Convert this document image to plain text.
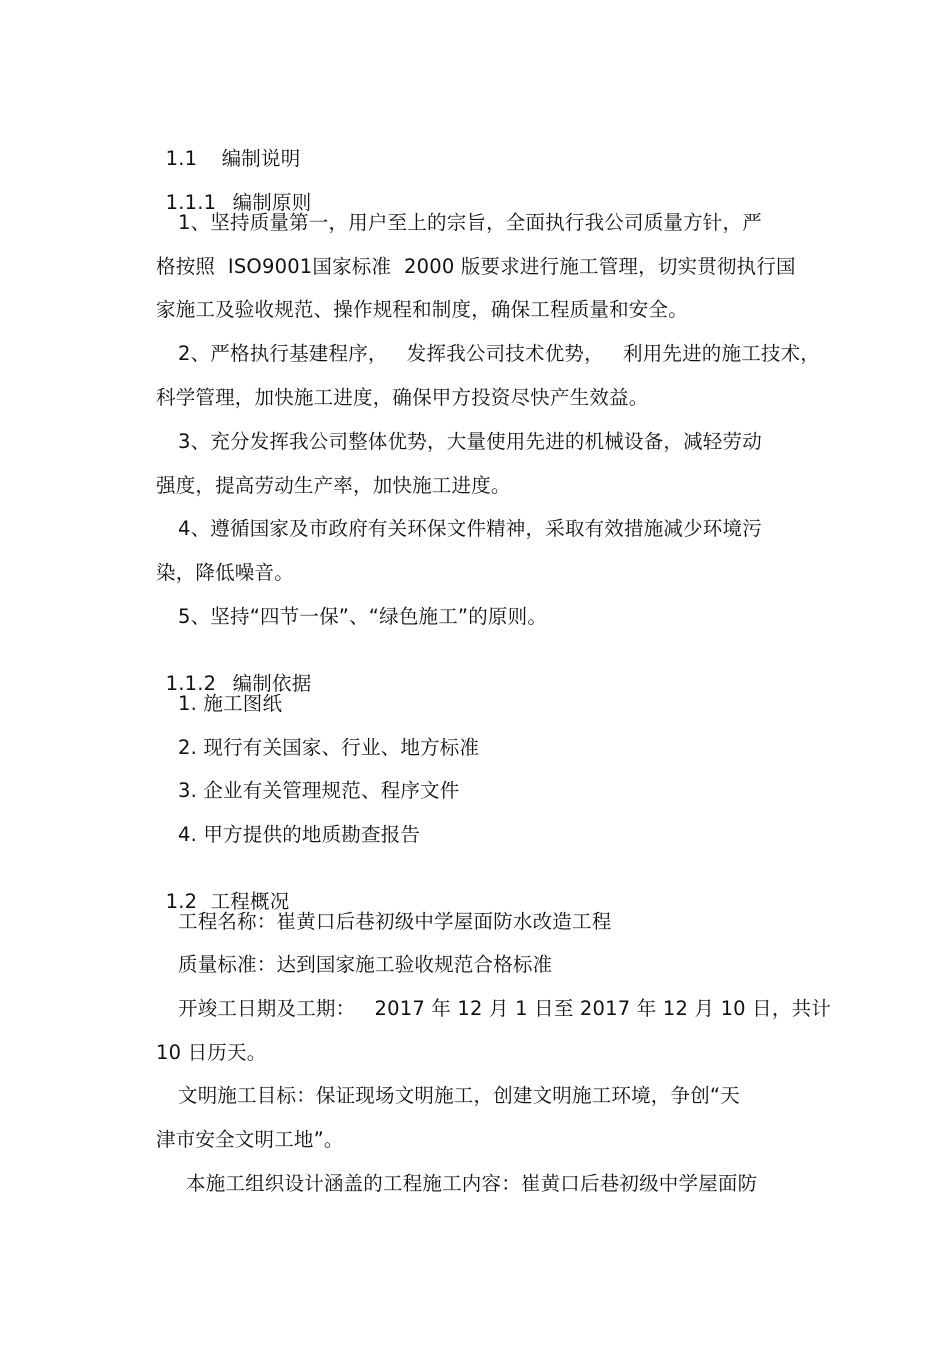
1.1 编制说明

1.1.1 编制原则

1、坚持质量第一，用户至上的宗旨，全面执行我公司质量方针，严
格按照  ISO9001国家标准  2000 版要求进行施工管理，切实贯彻执行国
家施工及验收规范、操作规程和制度，确保工程质量和安全。
2、严格执行基建程序，   发挥我公司技术优势，   利用先进的施工技术，
科学管理，加快施工进度，确保甲方投资尽快产生效益。
3、充分发挥我公司整体优势，大量使用先进的机械设备，减轻劳动
强度，提高劳动生产率，加快施工进度。
4、遵循国家及市政府有关环保文件精神，采取有效措施减少环境污
染，降低噪音。
5、坚持“四节一保”、“绿色施工”的原则。

1.1.2 编制依据

1. 施工图纸
2. 现行有关国家、行业、地方标准
3. 企业有关管理规范、程序文件
4. 甲方提供的地质勘查报告

1.2 工程概况

工程名称：崔黄口后巷初级中学屋面防水改造工程
质量标准：达到国家施工验收规范合格标准
开竣工日期及工期：   2017 年 12 月 1 日至 2017 年 12 月 10 日，共计
10 日历天。
文明施工目标：保证现场文明施工，创建文明施工环境，争创“天
津市安全文明工地”。
本施工组织设计涵盖的工程施工内容：崔黄口后巷初级中学屋面防
